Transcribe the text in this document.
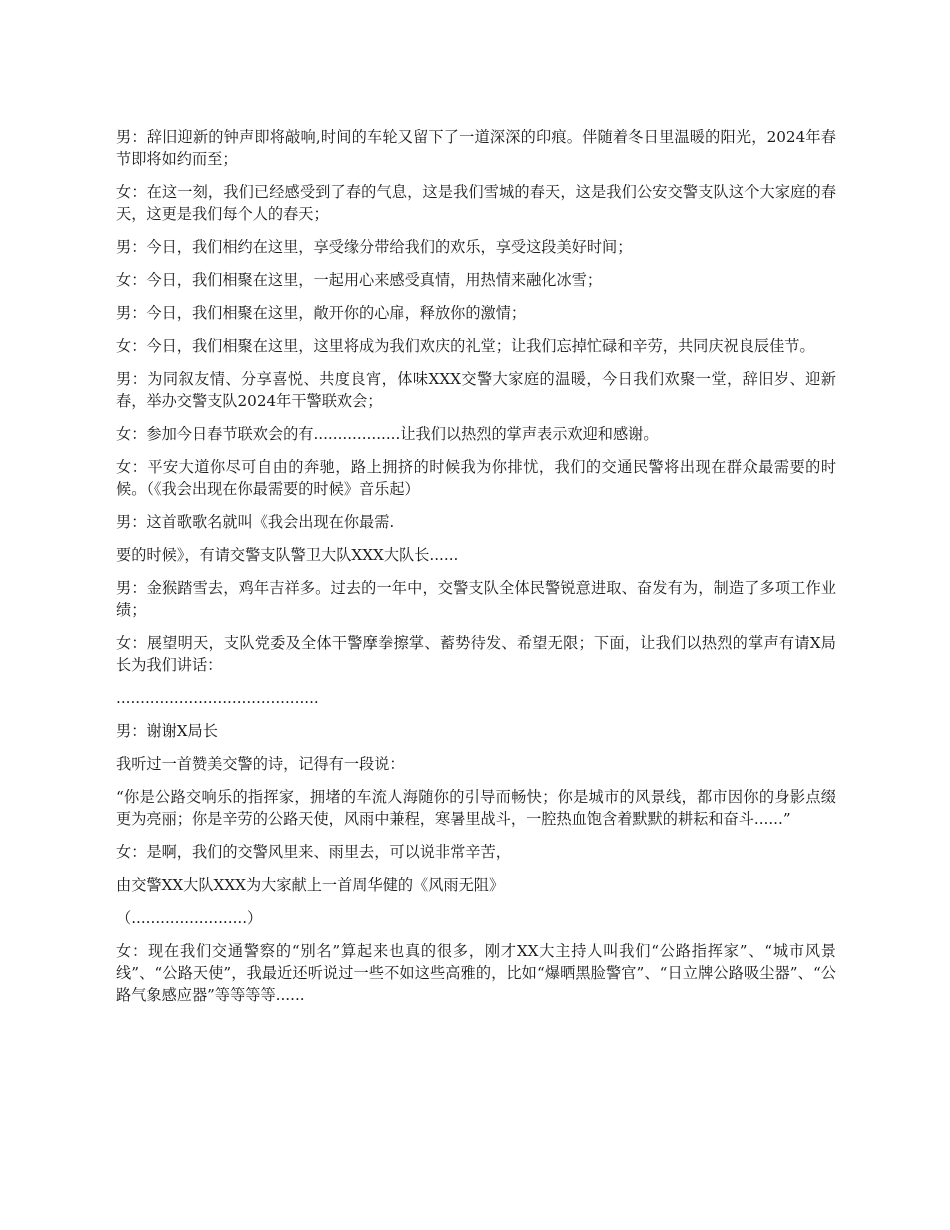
男：辞旧迎新的钟声即将敲响,时间的车轮又留下了一道深深的印痕。伴随着冬日里温暖的阳光，2024年春节即将如约而至；

女：在这一刻，我们已经感受到了春的气息，这是我们雪城的春天，这是我们公安交警支队这个大家庭的春天，这更是我们每个人的春天；

男：今日，我们相约在这里，享受缘分带给我们的欢乐，享受这段美好时间；

女：今日，我们相聚在这里，一起用心来感受真情，用热情来融化冰雪；

男：今日，我们相聚在这里，敞开你的心扉，释放你的激情；

女：今日，我们相聚在这里，这里将成为我们欢庆的礼堂；让我们忘掉忙碌和辛劳，共同庆祝良辰佳节。

男：为同叙友情、分享喜悦、共度良宵，体味XXX交警大家庭的温暖，今日我们欢聚一堂，辞旧岁、迎新春，举办交警支队2024年干警联欢会；

女：参加今日春节联欢会的有..................让我们以热烈的掌声表示欢迎和感谢。

女：平安大道你尽可自由的奔驰，路上拥挤的时候我为你排忧，我们的交通民警将出现在群众最需要的时候。（《我会出现在你最需要的时候》音乐起）

男：这首歌歌名就叫《我会出现在你最需.

要的时候》，有请交警支队警卫大队XXX大队长......

男：金猴踏雪去，鸡年吉祥多。过去的一年中，交警支队全体民警锐意进取、奋发有为，制造了多项工作业绩；

女：展望明天，支队党委及全体干警摩拳擦掌、蓄势待发、希望无限；下面，让我们以热烈的掌声有请X局长为我们讲话：

..........................................

男：谢谢X局长

我听过一首赞美交警的诗，记得有一段说：

“你是公路交响乐的指挥家，拥堵的车流人海随你的引导而畅快；你是城市的风景线，都市因你的身影点缀更为亮丽；你是辛劳的公路天使，风雨中兼程，寒暑里战斗，一腔热血饱含着默默的耕耘和奋斗......”

女：是啊，我们的交警风里来、雨里去，可以说非常辛苦，

由交警XX大队XXX为大家献上一首周华健的《风雨无阻》

（........................）

女：现在我们交通警察的“别名”算起来也真的很多，刚才XX大主持人叫我们“公路指挥家”、“城市风景线”、“公路天使”，我最近还听说过一些不如这些高雅的，比如“爆晒黑脸警官”、“日立牌公路吸尘器”、“公路气象感应器”等等等等......
